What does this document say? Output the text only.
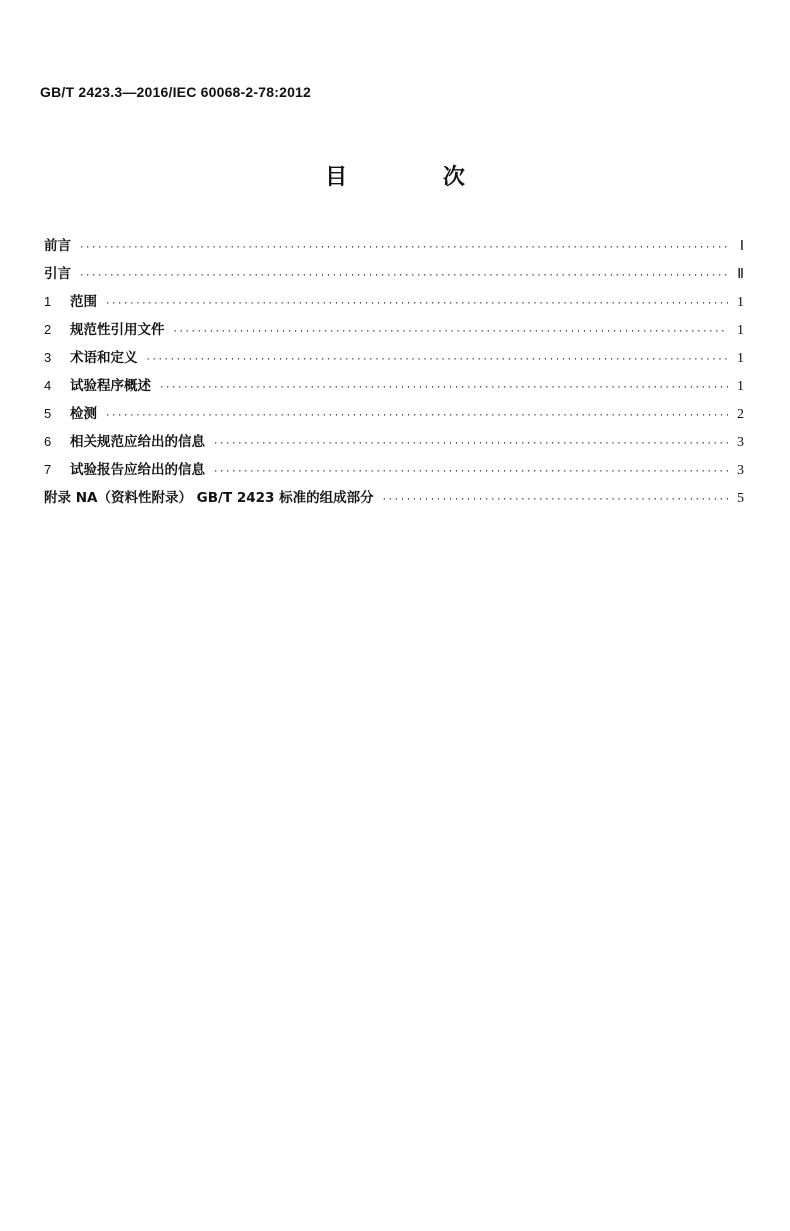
GB/T 2423.3—2016/IEC 60068-2-78:2012
目 次
前言 ·····	Ⅰ
引言 ·····	Ⅱ
1	范围 ·····	1
2	规范性引用文件 ·····	1
3	术语和定义 ·····	1
4	试验程序概述 ·····	1
5	检测 ·····	2
6	相关规范应给出的信息 ·····	3
7	试验报告应给出的信息 ·····	3
附录 NA（资料性附录） GB/T 2423 标准的组成部分 ·····	5
